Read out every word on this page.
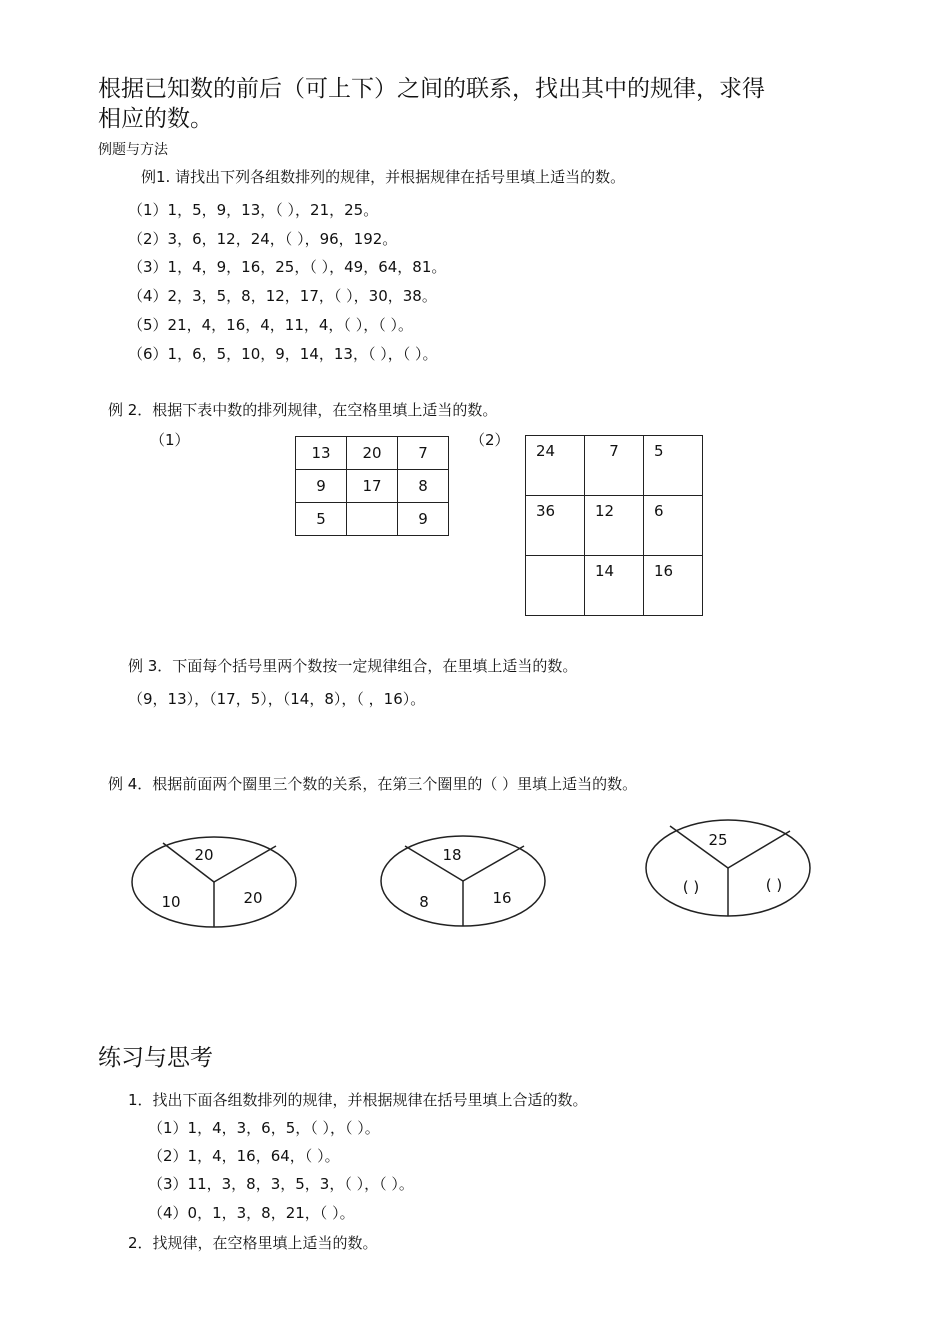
根据已知数的前后（可上下）之间的联系，找出其中的规律，求得
相应的数。
例题与方法
例1. 请找出下列各组数排列的规律，并根据规律在括号里填上适当的数。
（1）1，5，9，13，（ ），21，25。
（2）3，6，12，24，（ ），96，192。
（3）1，4，9，16，25，（ ），49，64，81。
（4）2，3，5，8，12，17，（ ），30，38。
（5）21，4，16，4，11，4，（ ），（ ）。
（6）1，6，5，10，9，14，13，（ ），（ ）。
例 2．根据下表中数的排列规律，在空格里填上适当的数。
（1）	（2）
13	20	7
9	17	8
5		9
24	7	5

36	12	6

	14	16
例 3．下面每个括号里两个数按一定规律组合，在里填上适当的数。
（9，13），（17，5），（14，8），（ ，16）。
例 4．根据前面两个圈里三个数的关系，在第三个圈里的（ ）里填上适当的数。
20
10	20
18
8	16
25
( )	( )
练习与思考
1．找出下面各组数排列的规律，并根据规律在括号里填上合适的数。
（1）1，4，3，6，5，（ ），（ ）。
（2）1，4，16，64，（ ）。
（3）11，3，8，3，5，3，（ ），（ ）。
（4）0，1，3，8，21，（ ）。
2．找规律，在空格里填上适当的数。
